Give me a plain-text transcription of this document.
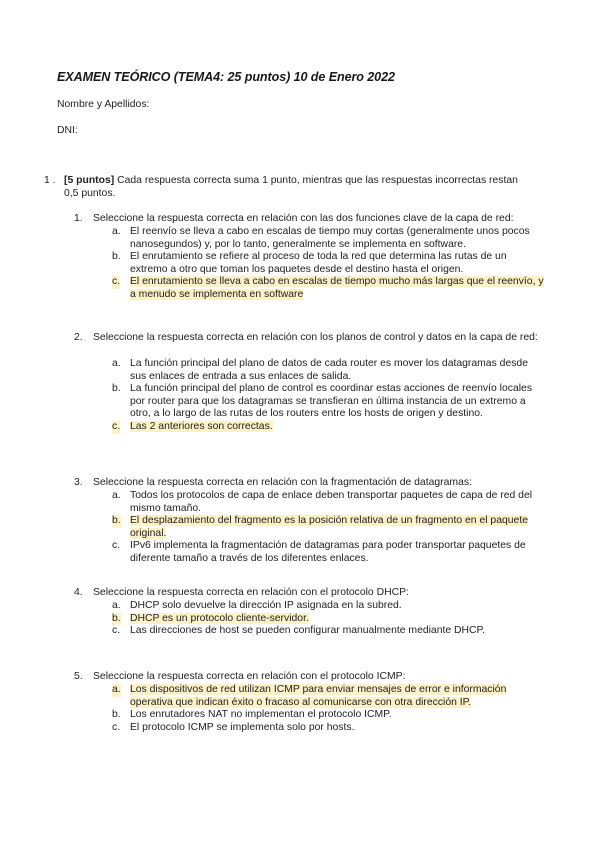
EXAMEN TEÓRICO (TEMA4: 25 puntos) 10 de Enero 2022
Nombre y Apellidos:
DNI:
1 . [5 puntos] Cada respuesta correcta suma 1 punto, mientras que las respuestas incorrectas restan 0,5 puntos.
1. Seleccione la respuesta correcta en relación con las dos funciones clave de la capa de red:
a. El reenvío se lleva a cabo en escalas de tiempo muy cortas (generalmente unos pocos nanosegundos) y, por lo tanto, generalmente se implementa en software.
b. El enrutamiento se refiere al proceso de toda la red que determina las rutas de un extremo a otro que toman los paquetes desde el destino hasta el origen.
c. El enrutamiento se lleva a cabo en escalas de tiempo mucho más largas que el reenvío, y a menudo se implementa en software
2. Seleccione la respuesta correcta en relación con los planos de control y datos en la capa de red:
a. La función principal del plano de datos de cada router es mover los datagramas desde sus enlaces de entrada a sus enlaces de salida.
b. La función principal del plano de control es coordinar estas acciones de reenvío locales por router para que los datagramas se transfieran en última instancia de un extremo a otro, a lo largo de las rutas de los routers entre los hosts de origen y destino.
c. Las 2 anteriores son correctas.
3. Seleccione la respuesta correcta en relación con la fragmentación de datagramas:
a. Todos los protocolos de capa de enlace deben transportar paquetes de capa de red del mismo tamaño.
b. El desplazamiento del fragmento es la posición relativa de un fragmento en el paquete original.
c. IPv6 implementa la fragmentación de datagramas para poder transportar paquetes de diferente tamaño a través de los diferentes enlaces.
4. Seleccione la respuesta correcta en relación con el protocolo DHCP:
a. DHCP solo devuelve la dirección IP asignada en la subred.
b. DHCP es un protocolo cliente-servidor.
c. Las direcciones de host se pueden configurar manualmente mediante DHCP.
5. Seleccione la respuesta correcta en relación con el protocolo ICMP:
a. Los dispositivos de red utilizan ICMP para enviar mensajes de error e información operativa que indican éxito o fracaso al comunicarse con otra dirección IP.
b. Los enrutadores NAT no implementan el protocolo ICMP.
c. El protocolo ICMP se implementa solo por hosts.
